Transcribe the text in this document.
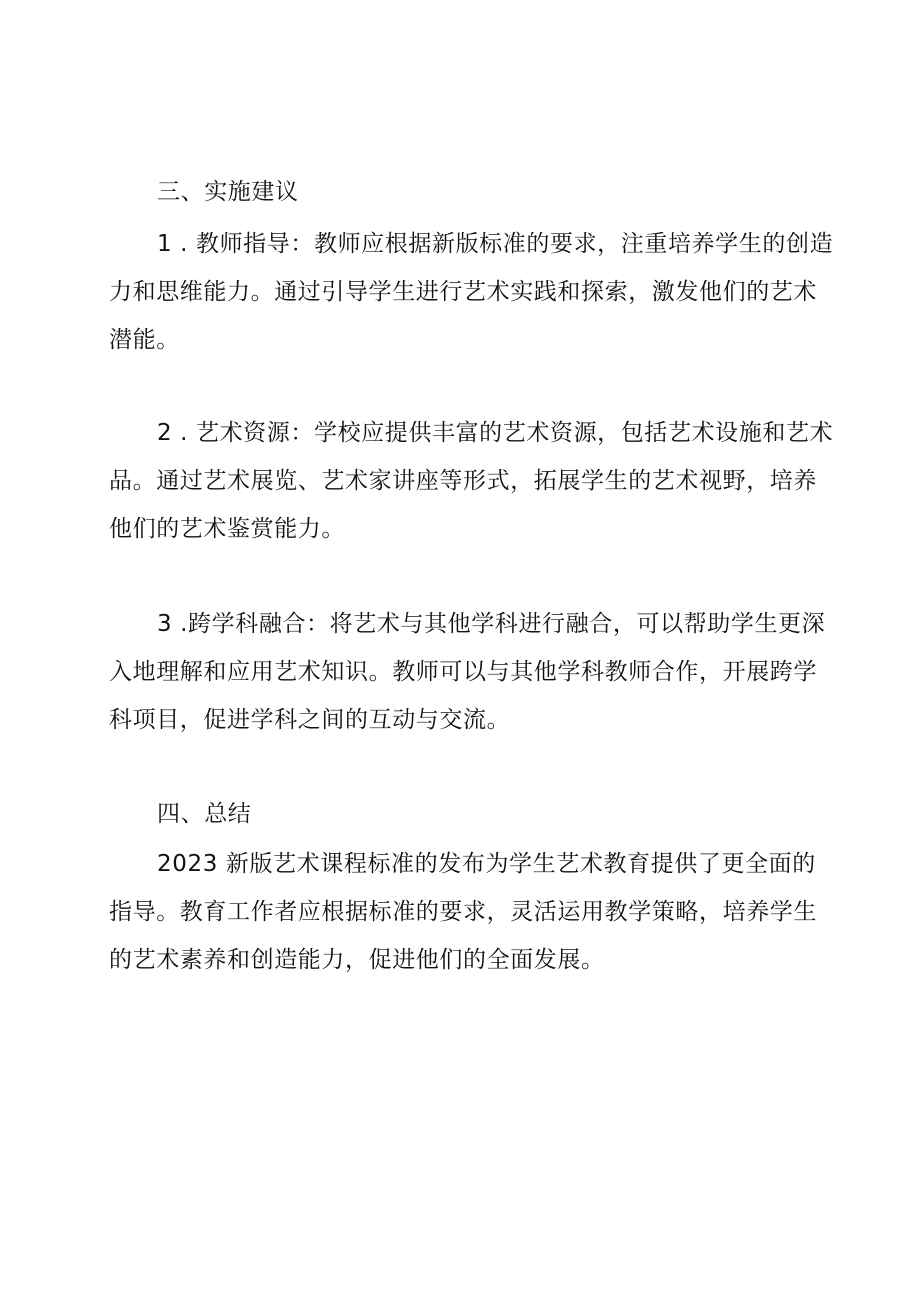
三、实施建议
1 . 教师指导：教师应根据新版标准的要求，注重培养学生的创造
力和思维能力。通过引导学生进行艺术实践和探索，激发他们的艺术
潜能。
2 . 艺术资源：学校应提供丰富的艺术资源，包括艺术设施和艺术
品。通过艺术展览、艺术家讲座等形式，拓展学生的艺术视野，培养
他们的艺术鉴赏能力。
3 .跨学科融合：将艺术与其他学科进行融合，可以帮助学生更深
入地理解和应用艺术知识。教师可以与其他学科教师合作，开展跨学
科项目，促进学科之间的互动与交流。
四、总结
2023 新版艺术课程标准的发布为学生艺术教育提供了更全面的
指导。教育工作者应根据标准的要求，灵活运用教学策略，培养学生
的艺术素养和创造能力，促进他们的全面发展。
